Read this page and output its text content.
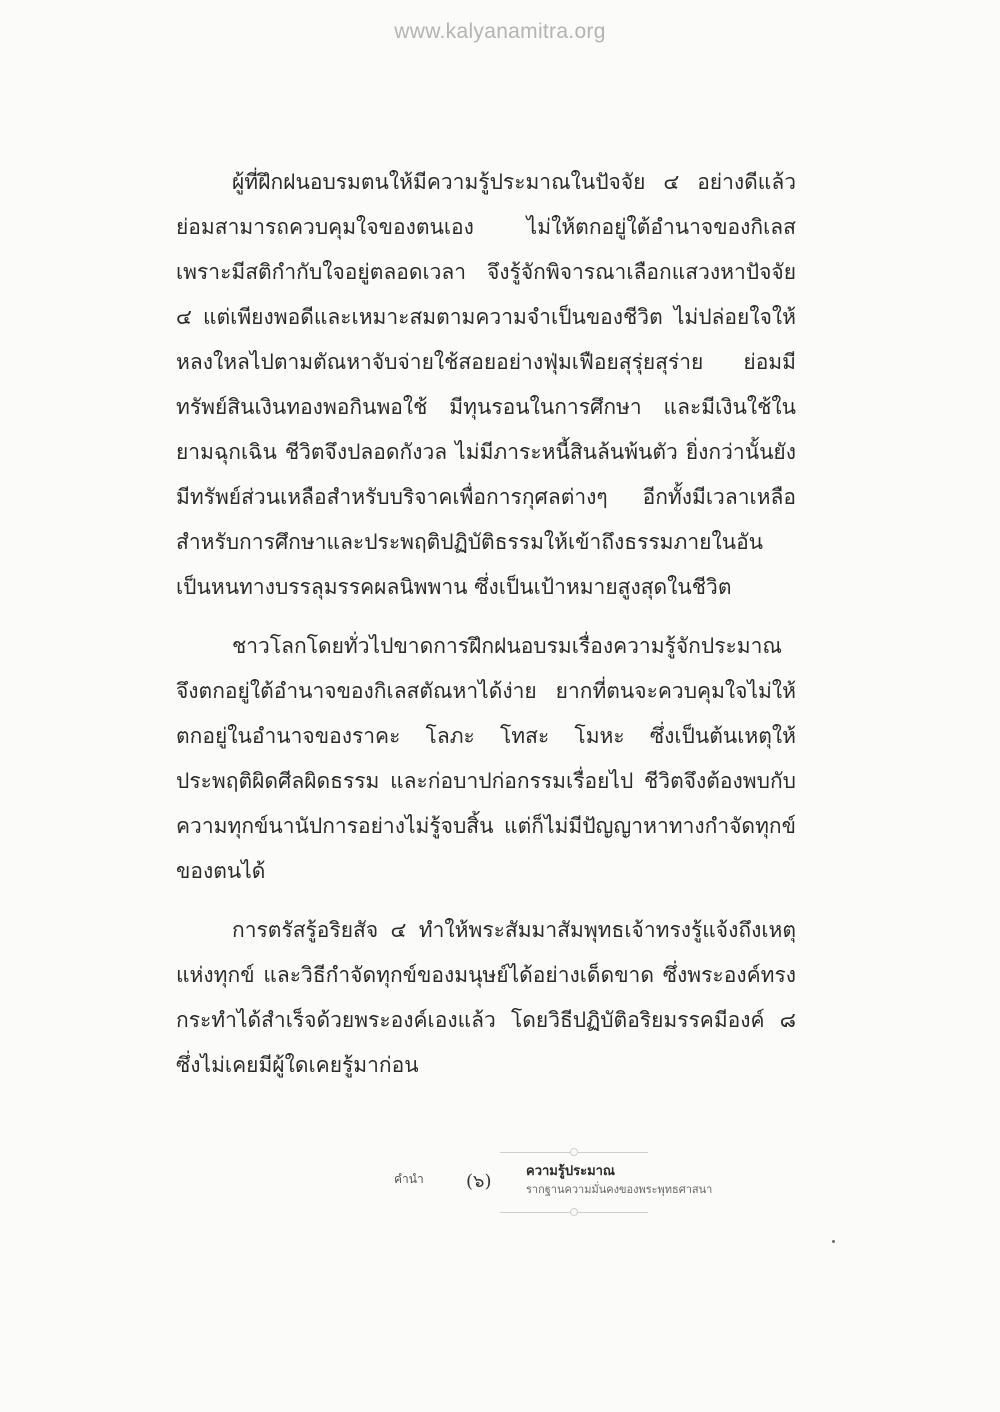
www.kalyanamitra.org

ผู้ที่ฝึกฝนอบรมตนให้มีความรู้ประมาณในปัจจัย ๔ อย่างดีแล้ว ย่อมสามารถควบคุมใจของตนเอง ไม่ให้ตกอยู่ใต้อำนาจของกิเลส เพราะมีสติกำกับใจอยู่ตลอดเวลา จึงรู้จักพิจารณาเลือกแสวงหาปัจจัย ๔ แต่เพียงพอดีและเหมาะสมตามความจำเป็นของชีวิต ไม่ปล่อยใจให้หลงใหลไปตามตัณหาจับจ่ายใช้สอยอย่างฟุ่มเฟือยสุรุ่ยสุร่าย ย่อมมีทรัพย์สินเงินทองพอกินพอใช้ มีทุนรอนในการศึกษา และมีเงินใช้ในยามฉุกเฉิน ชีวิตจึงปลอดกังวล ไม่มีภาระหนี้สินล้นพ้นตัว ยิ่งกว่านั้นยังมีทรัพย์ส่วนเหลือสำหรับบริจาคเพื่อการกุศลต่างๆ อีกทั้งมีเวลาเหลือสำหรับการศึกษาและประพฤติปฏิบัติธรรมให้เข้าถึงธรรมภายในอันเป็นหนทางบรรลุมรรคผลนิพพาน ซึ่งเป็นเป้าหมายสูงสุดในชีวิต

ชาวโลกโดยทั่วไปขาดการฝึกฝนอบรมเรื่องความรู้จักประมาณ จึงตกอยู่ใต้อำนาจของกิเลสตัณหาได้ง่าย ยากที่ตนจะควบคุมใจไม่ให้ตกอยู่ในอำนาจของราคะ โลภะ โทสะ โมหะ ซึ่งเป็นต้นเหตุให้ประพฤติผิดศีลผิดธรรม และก่อบาปก่อกรรมเรื่อยไป ชีวิตจึงต้องพบกับความทุกข์นานัปการอย่างไม่รู้จบสิ้น แต่ก็ไม่มีปัญญาหาทางกำจัดทุกข์ของตนได้

การตรัสรู้อริยสัจ ๔ ทำให้พระสัมมาสัมพุทธเจ้าทรงรู้แจ้งถึงเหตุแห่งทุกข์ และวิธีกำจัดทุกข์ของมนุษย์ได้อย่างเด็ดขาด ซึ่งพระองค์ทรงกระทำได้สำเร็จด้วยพระองค์เองแล้ว โดยวิธีปฏิบัติอริยมรรคมีองค์ ๘ ซึ่งไม่เคยมีผู้ใดเคยรู้มาก่อน

คำนำ (๖)	ความรู้ประมาณ
รากฐานความมั่นคงของพระพุทธศาสนา
